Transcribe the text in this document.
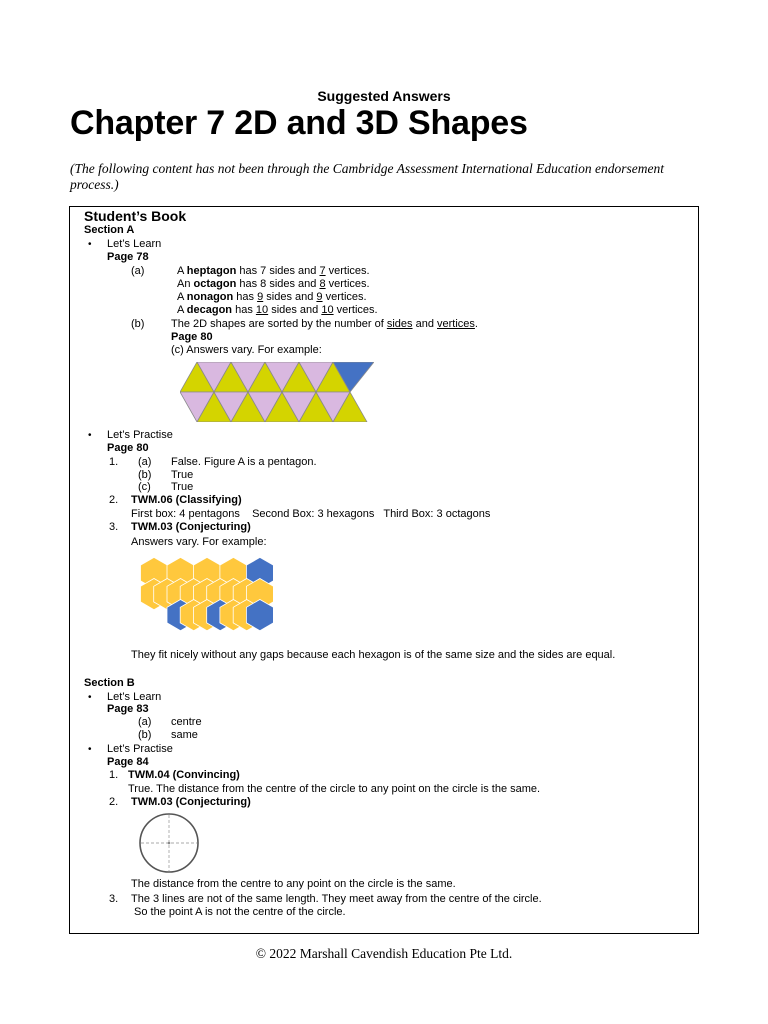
Suggested Answers
Chapter 7 2D and 3D Shapes
(The following content has not been through the Cambridge Assessment International Education endorsement process.)
Student’s Book
Section A
• Let’s Learn
Page 78
(a)	A heptagon has 7 sides and 7 vertices.
An octagon has 8 sides and 8 vertices.
A nonagon has 9 sides and 9 vertices.
A decagon has 10 sides and 10 vertices.
(b) The 2D shapes are sorted by the number of sides and vertices.
Page 80
(c) Answers vary. For example:
• Let’s Practise
Page 80
1. (a) False. Figure A is a pentagon.
(b) True
(c) True
2. TWM.06 (Classifying)
First box: 4 pentagons    Second Box: 3 hexagons   Third Box: 3 octagons
3. TWM.03 (Conjecturing)
Answers vary. For example:
They fit nicely without any gaps because each hexagon is of the same size and the sides are equal.
Section B
• Let’s Learn
Page 83
(a) centre
(b) same
• Let’s Practise
Page 84
1. TWM.04 (Convincing)
True. The distance from the centre of the circle to any point on the circle is the same.
2. TWM.03 (Conjecturing)
The distance from the centre to any point on the circle is the same.
3. The 3 lines are not of the same length. They meet away from the centre of the circle.
So the point A is not the centre of the circle.
© 2022 Marshall Cavendish Education Pte Ltd.
